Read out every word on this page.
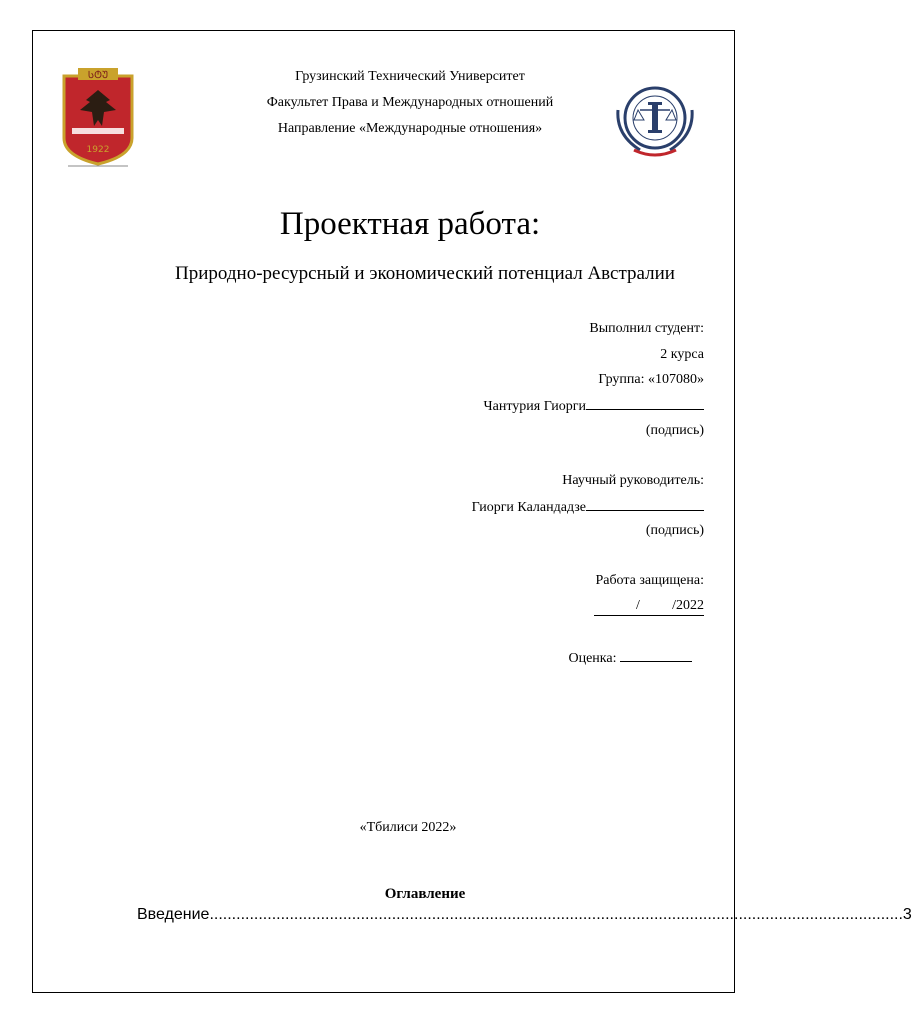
ᲡᲢᲣ
1922
Грузинский Технический Университет
Факультет Права и Международных отношений
Направление «Международные отношения»
Проектная работа:
Природно-ресурсный и экономический потенциал Австралии
Выполнил студент:
2 курса
Группа: «107080»
Чантурия Гиорги
(подпись)
Научный руководитель:
Гиорги Каландадзе
(подпись)
Работа защищена:
/ /2022
Оценка:
«Тбилиси 2022»
Оглавление
Введение ............................................................................................................................................................ 3
